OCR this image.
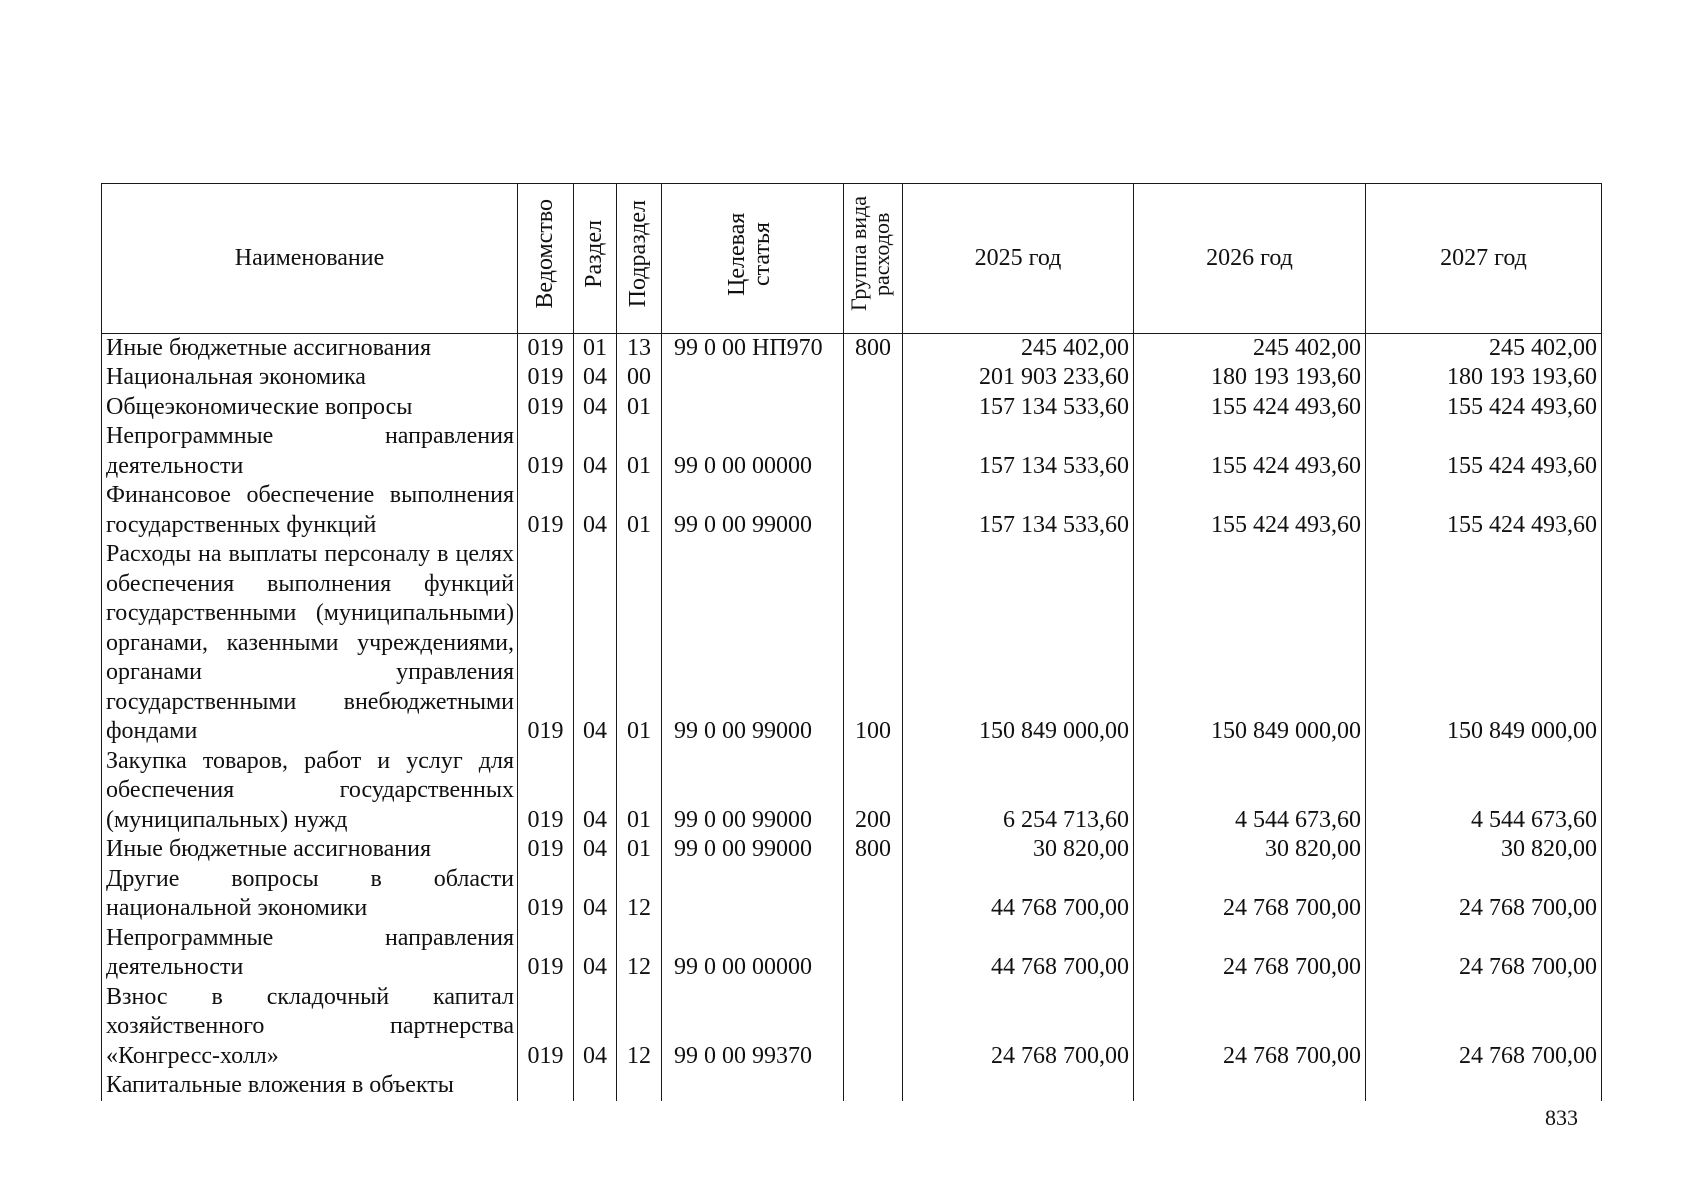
Наименование	Ведомство	Раздел	Подраздел	Целевая статья	Группа вида расходов	2025 год	2026 год	2027 год
Иные бюджетные ассигнования	019	01	13	99 0 00 НП970	800	245 402,00	245 402,00	245 402,00
Национальная экономика	019	04	00			201 903 233,60	180 193 193,60	180 193 193,60
Общеэкономические вопросы	019	04	01			157 134 533,60	155 424 493,60	155 424 493,60
Непрограммные направления деятельности	019	04	01	99 0 00 00000		157 134 533,60	155 424 493,60	155 424 493,60
Финансовое обеспечение выполнения государственных функций	019	04	01	99 0 00 99000		157 134 533,60	155 424 493,60	155 424 493,60
Расходы на выплаты персоналу в целях обеспечения выполнения функций государственными (муниципальными) органами, казенными учреждениями, органами управления государственными внебюджетными фондами	019	04	01	99 0 00 99000	100	150 849 000,00	150 849 000,00	150 849 000,00
Закупка товаров, работ и услуг для обеспечения государственных (муниципальных) нужд	019	04	01	99 0 00 99000	200	6 254 713,60	4 544 673,60	4 544 673,60
Иные бюджетные ассигнования	019	04	01	99 0 00 99000	800	30 820,00	30 820,00	30 820,00
Другие вопросы в области национальной экономики	019	04	12			44 768 700,00	24 768 700,00	24 768 700,00
Непрограммные направления деятельности	019	04	12	99 0 00 00000		44 768 700,00	24 768 700,00	24 768 700,00
Взнос в складочный капитал хозяйственного партнерства «Конгресс-холл»	019	04	12	99 0 00 99370		24 768 700,00	24 768 700,00	24 768 700,00
Капитальные вложения в объекты								
833
